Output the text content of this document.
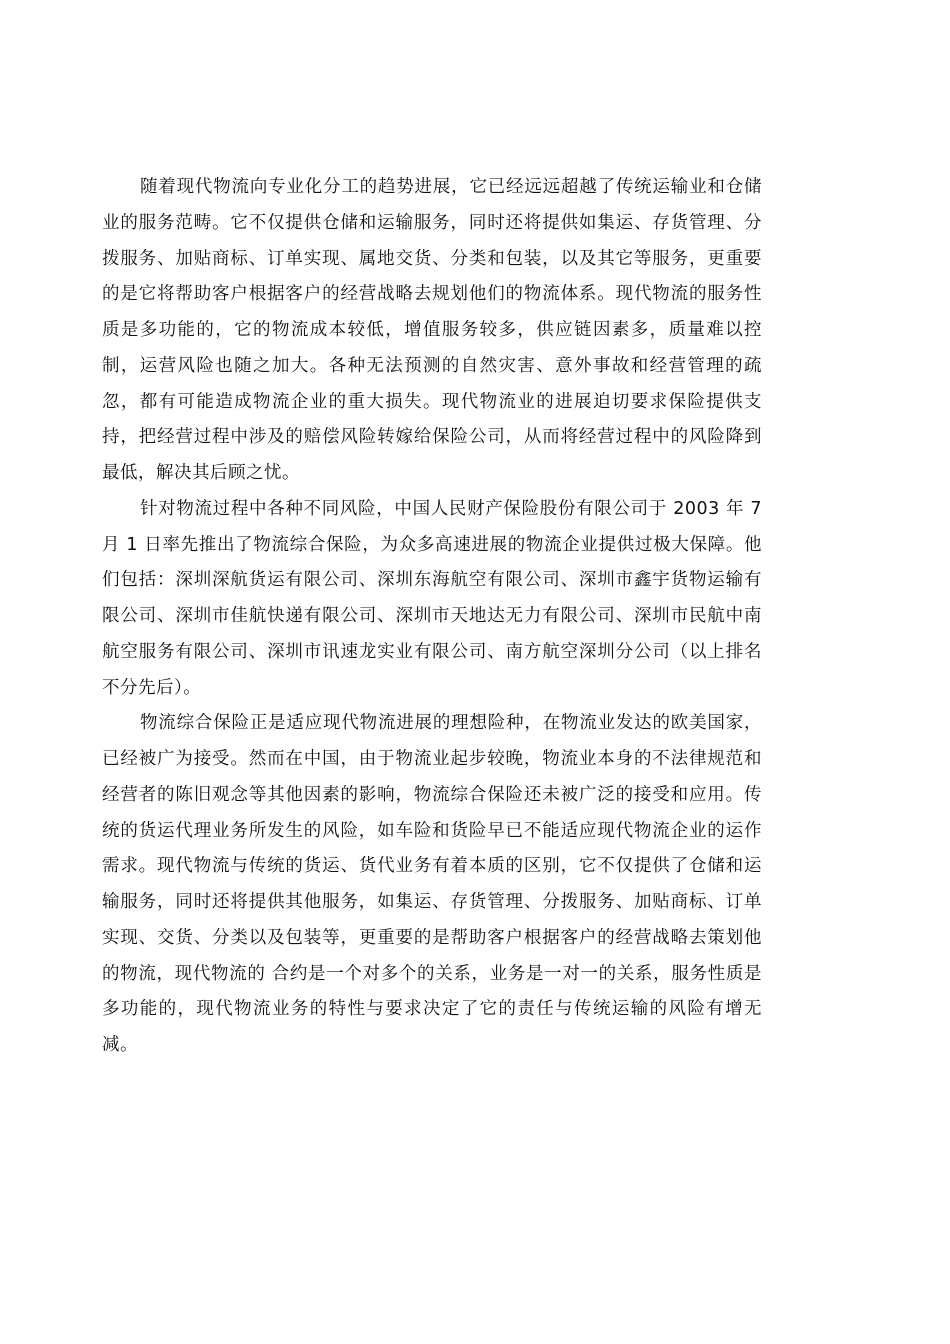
随着现代物流向专业化分工的趋势进展，它已经远远超越了传统运输业和仓储业的服务范畴。它不仅提供仓储和运输服务，同时还将提供如集运、存货管理、分拨服务、加贴商标、订单实现、属地交货、分类和包装，以及其它等服务，更重要的是它将帮助客户根据客户的经营战略去规划他们的物流体系。现代物流的服务性质是多功能的，它的物流成本较低，增值服务较多，供应链因素多，质量难以控制，运营风险也随之加大。各种无法预测的自然灾害、意外事故和经营管理的疏忽，都有可能造成物流企业的重大损失。现代物流业的进展迫切要求保险提供支持，把经营过程中涉及的赔偿风险转嫁给保险公司，从而将经营过程中的风险降到最低，解决其后顾之忧。

针对物流过程中各种不同风险，中国人民财产保险股份有限公司于 2003 年 7 月 1 日率先推出了物流综合保险，为众多高速进展的物流企业提供过极大保障。他们包括：深圳深航货运有限公司、深圳东海航空有限公司、深圳市鑫宇货物运输有限公司、深圳市佳航快递有限公司、深圳市天地达无力有限公司、深圳市民航中南航空服务有限公司、深圳市讯速龙实业有限公司、南方航空深圳分公司（以上排名不分先后）。

物流综合保险正是适应现代物流进展的理想险种，在物流业发达的欧美国家，已经被广为接受。然而在中国，由于物流业起步较晚，物流业本身的不法律规范和经营者的陈旧观念等其他因素的影响，物流综合保险还未被广泛的接受和应用。传统的货运代理业务所发生的风险，如车险和货险早已不能适应现代物流企业的运作需求。现代物流与传统的货运、货代业务有着本质的区别，它不仅提供了仓储和运输服务，同时还将提供其他服务，如集运、存货管理、分拨服务、加贴商标、订单实现、交货、分类以及包装等，更重要的是帮助客户根据客户的经营战略去策划他的物流，现代物流的 合约是一个对多个的关系，业务是一对一的关系，服务性质是多功能的，现代物流业务的特性与要求决定了它的责任与传统运输的风险有增无减。
